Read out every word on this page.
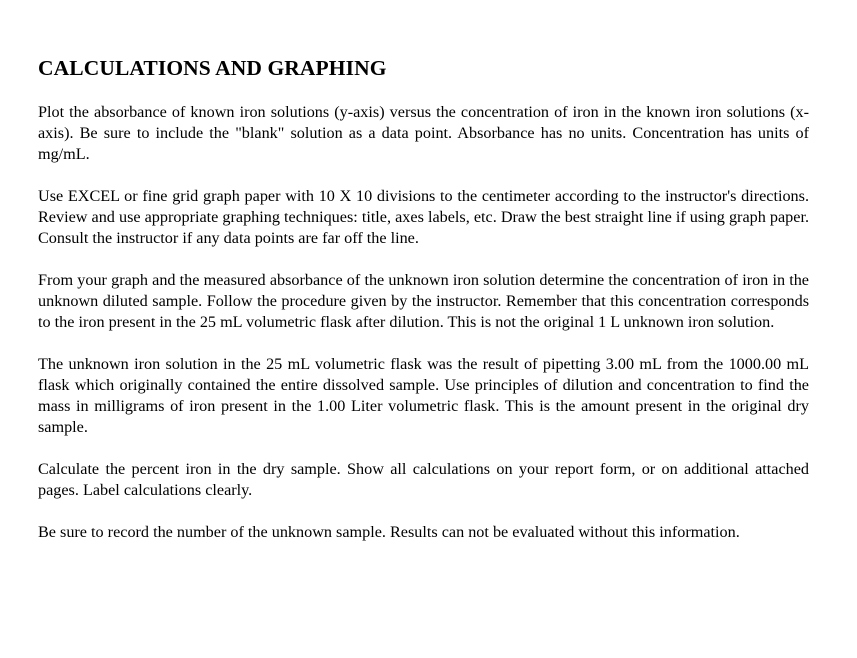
CALCULATIONS AND GRAPHING

Plot the absorbance of known iron solutions (y-axis) versus the concentration of iron in the known iron solutions (x-axis). Be sure to include the "blank" solution as a data point. Absorbance has no units. Concentration has units of mg/mL.

Use EXCEL or fine grid graph paper with 10 X 10 divisions to the centimeter according to the instructor's directions. Review and use appropriate graphing techniques: title, axes labels, etc. Draw the best straight line if using graph paper. Consult the instructor if any data points are far off the line.

From your graph and the measured absorbance of the unknown iron solution determine the concentration of iron in the unknown diluted sample. Follow the procedure given by the instructor. Remember that this concentration corresponds to the iron present in the 25 mL volumetric flask after dilution. This is not the original 1 L unknown iron solution.

The unknown iron solution in the 25 mL volumetric flask was the result of pipetting 3.00 mL from the 1000.00 mL flask which originally contained the entire dissolved sample. Use principles of dilution and concentration to find the mass in milligrams of iron present in the 1.00 Liter volumetric flask. This is the amount present in the original dry sample.

Calculate the percent iron in the dry sample. Show all calculations on your report form, or on additional attached pages. Label calculations clearly.

Be sure to record the number of the unknown sample. Results can not be evaluated without this information.
